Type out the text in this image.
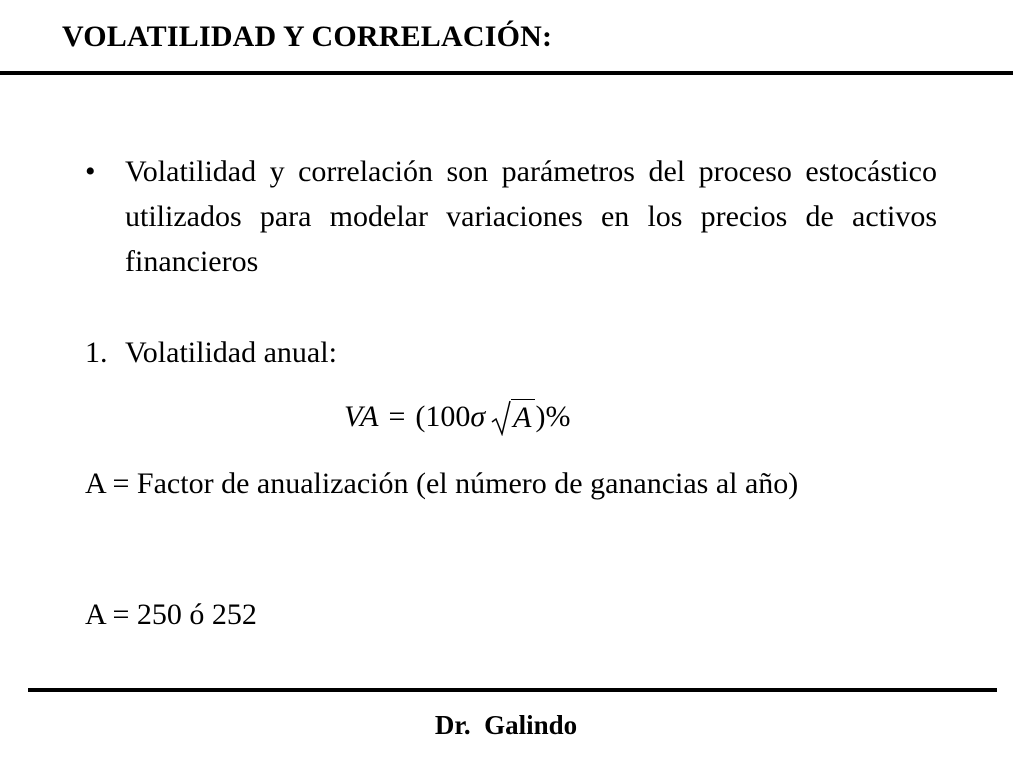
VOLATILIDAD Y CORRELACIÓN:
• Volatilidad y correlación son parámetros del proceso estocástico utilizados para modelar variaciones en los precios de activos financieros
1. Volatilidad anual:
A = Factor de anualización (el número de ganancias al año)
A = 250 ó 252
VA = (100 σ A )%
Dr.  Galindo
